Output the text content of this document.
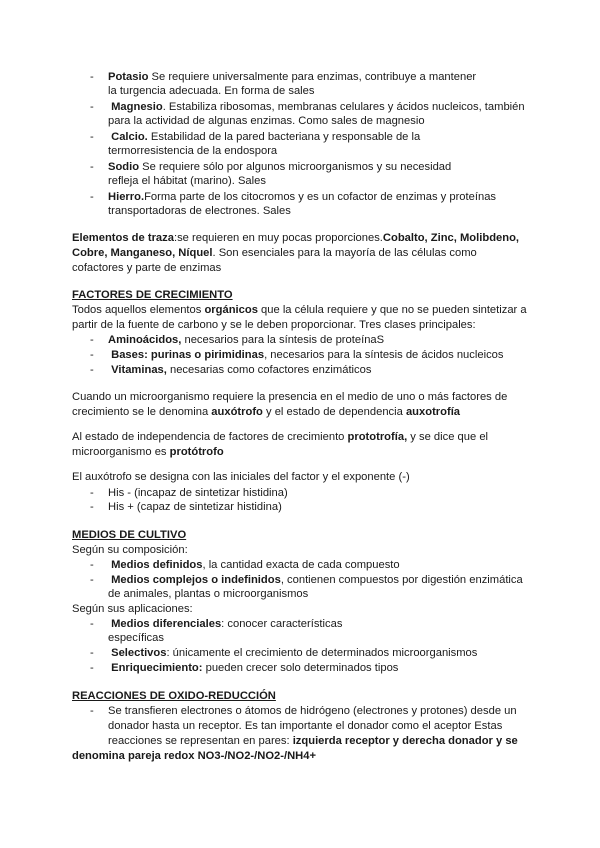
- Potasio Se requiere universalmente para enzimas, contribuye a mantener
la turgencia adecuada. En forma de sales
- Magnesio. Estabiliza ribosomas, membranas celulares y ácidos nucleicos, también
para la actividad de algunas enzimas. Como sales de magnesio
- Calcio. Estabilidad de la pared bacteriana y responsable de la
termorresistencia de la endospora
- Sodio Se requiere sólo por algunos microorganismos y su necesidad
refleja el hábitat (marino). Sales
- Hierro.Forma parte de los citocromos y es un cofactor de enzimas y proteínas
transportadoras de electrones. Sales
Elementos de traza:se requieren en muy pocas proporciones.Cobalto, Zinc, Molibdeno,
Cobre, Manganeso, Níquel. Son esenciales para la mayoría de las células como
cofactores y parte de enzimas
FACTORES DE CRECIMIENTO
Todos aquellos elementos orgánicos que la célula requiere y que no se pueden sintetizar a
partir de la fuente de carbono y se le deben proporcionar. Tres clases principales:
- Aminoácidos, necesarios para la síntesis de proteínaS
- Bases: purinas o pirimidinas, necesarios para la síntesis de ácidos nucleicos
- Vitaminas, necesarias como cofactores enzimáticos
Cuando un microorganismo requiere la presencia en el medio de uno o más factores de
crecimiento se le denomina auxótrofo y el estado de dependencia auxotrofía
Al estado de independencia de factores de crecimiento prototrofía, y se dice que el
microorganismo es protótrofo
El auxótrofo se designa con las iniciales del factor y el exponente (-)
- His - (incapaz de sintetizar histidina)
- His + (capaz de sintetizar histidina)
MEDIOS DE CULTIVO
Según su composición:
- Medios definidos, la cantidad exacta de cada compuesto
- Medios complejos o indefinidos, contienen compuestos por digestión enzimática
de animales, plantas o microorganismos
Según sus aplicaciones:
- Medios diferenciales: conocer características
específicas
- Selectivos: únicamente el crecimiento de determinados microorganismos
- Enriquecimiento: pueden crecer solo determinados tipos
REACCIONES DE OXIDO-REDUCCIÓN
- Se transfieren electrones o átomos de hidrógeno (electrones y protones) desde un
donador hasta un receptor. Es tan importante el donador como el aceptor Estas
reacciones se representan en pares: izquierda receptor y derecha donador y se
denomina pareja redox NO3-/NO2-/NO2-/NH4+
